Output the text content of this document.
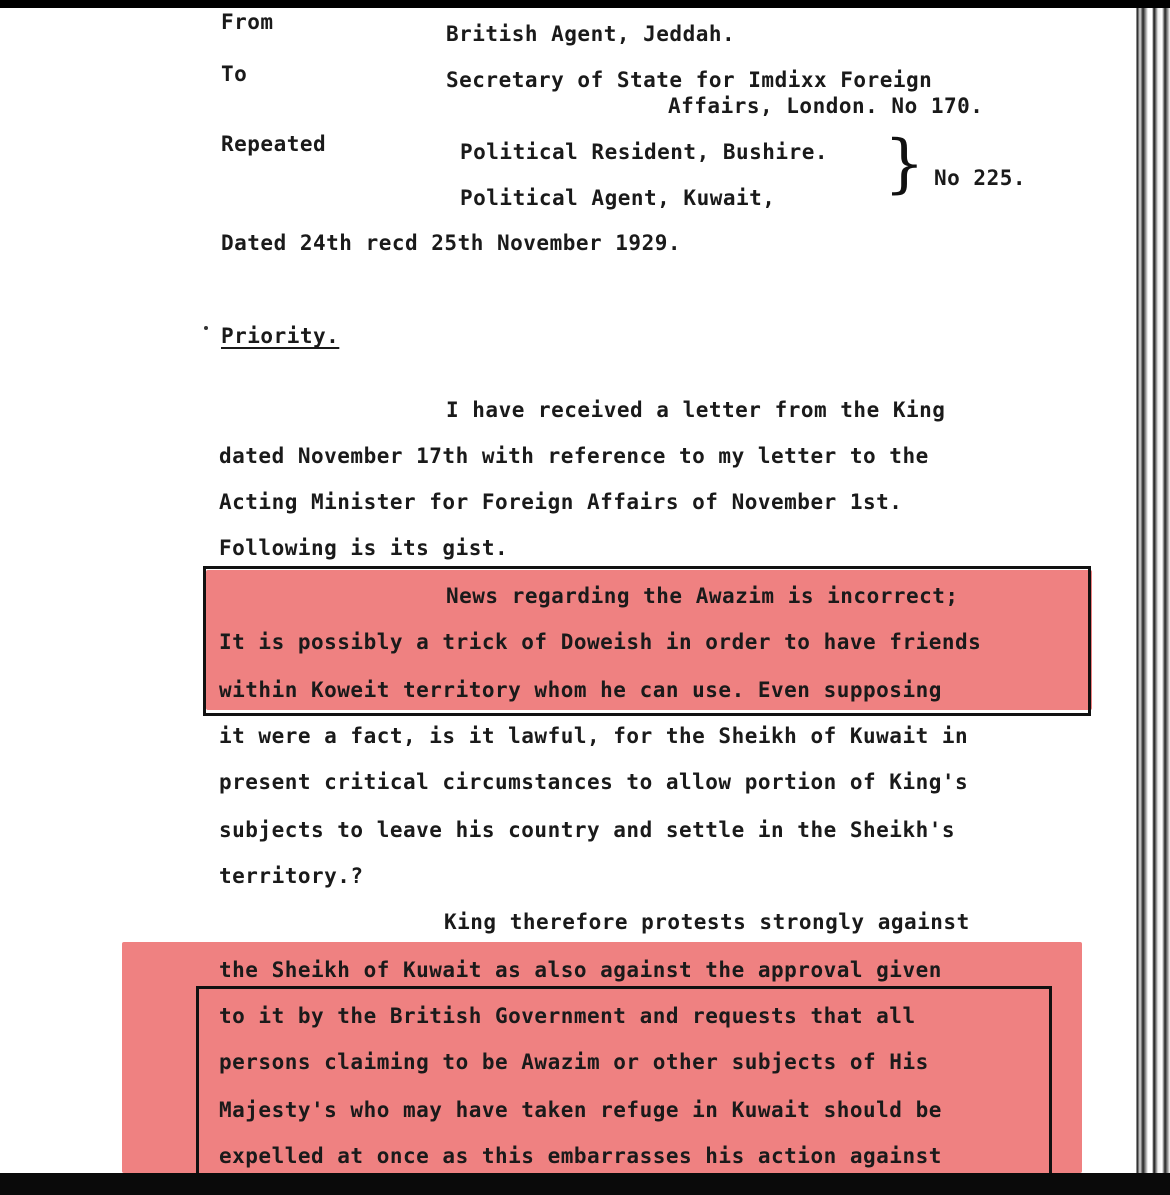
From	British Agent, Jeddah.
To	Secretary of State for Imdixx Foreign
Affairs, London. No 170.
Repeated	Political Resident, Bushire.
Political Agent, Kuwait, } No 225.
Dated 24th recd 25th November 1929.
Priority.
I have received a letter from the King
dated November 17th with reference to my letter to the
Acting Minister for Foreign Affairs of November 1st.
Following is its gist.
News regarding the Awazim is incorrect;
It is possibly a trick of Doweish in order to have friends
within Koweit territory whom he can use. Even supposing
it were a fact, is it lawful, for the Sheikh of Kuwait in
present critical circumstances to allow portion of King's
subjects to leave his country and settle in the Sheikh's
territory.?
King therefore protests strongly against
the Sheikh of Kuwait as also against the approval given
to it by the British Government and requests that all
persons claiming to be Awazim or other subjects of His
Majesty's who may have taken refuge in Kuwait should be
expelled at once as this embarrasses his action against
